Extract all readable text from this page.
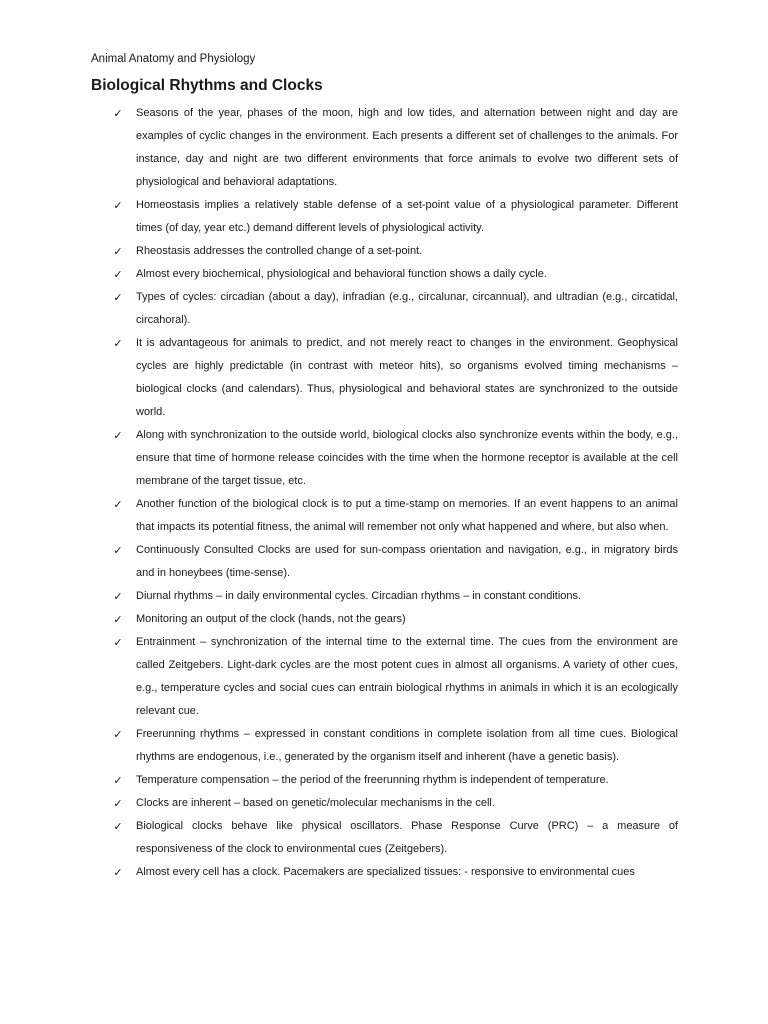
Animal Anatomy and Physiology
Biological Rhythms and Clocks
✓ Seasons of the year, phases of the moon, high and low tides, and alternation between night and day are examples of cyclic changes in the environment. Each presents a different set of challenges to the animals. For instance, day and night are two different environments that force animals to evolve two different sets of physiological and behavioral adaptations.
✓ Homeostasis implies a relatively stable defense of a set-point value of a physiological parameter. Different times (of day, year etc.) demand different levels of physiological activity.
✓ Rheostasis addresses the controlled change of a set-point.
✓ Almost every biochemical, physiological and behavioral function shows a daily cycle.
✓ Types of cycles: circadian (about a day), infradian (e.g., circalunar, circannual), and ultradian (e.g., circatidal, circahoral).
✓ It is advantageous for animals to predict, and not merely react to changes in the environment. Geophysical cycles are highly predictable (in contrast with meteor hits), so organisms evolved timing mechanisms – biological clocks (and calendars). Thus, physiological and behavioral states are synchronized to the outside world.
✓ Along with synchronization to the outside world, biological clocks also synchronize events within the body, e.g., ensure that time of hormone release coincides with the time when the hormone receptor is available at the cell membrane of the target tissue, etc.
✓ Another function of the biological clock is to put a time-stamp on memories. If an event happens to an animal that impacts its potential fitness, the animal will remember not only what happened and where, but also when.
✓ Continuously Consulted Clocks are used for sun-compass orientation and navigation, e.g., in migratory birds and in honeybees (time-sense).
✓ Diurnal rhythms – in daily environmental cycles. Circadian rhythms – in constant conditions.
✓ Monitoring an output of the clock (hands, not the gears)
✓ Entrainment – synchronization of the internal time to the external time. The cues from the environment are called Zeitgebers. Light-dark cycles are the most potent cues in almost all organisms. A variety of other cues, e.g., temperature cycles and social cues can entrain biological rhythms in animals in which it is an ecologically relevant cue.
✓ Freerunning rhythms – expressed in constant conditions in complete isolation from all time cues. Biological rhythms are endogenous, i.e., generated by the organism itself and inherent (have a genetic basis).
✓ Temperature compensation – the period of the freerunning rhythm is independent of temperature.
✓ Clocks are inherent – based on genetic/molecular mechanisms in the cell.
✓ Biological clocks behave like physical oscillators. Phase Response Curve (PRC) – a measure of responsiveness of the clock to environmental cues (Zeitgebers).
✓ Almost every cell has a clock. Pacemakers are specialized tissues: - responsive to environmental cues
